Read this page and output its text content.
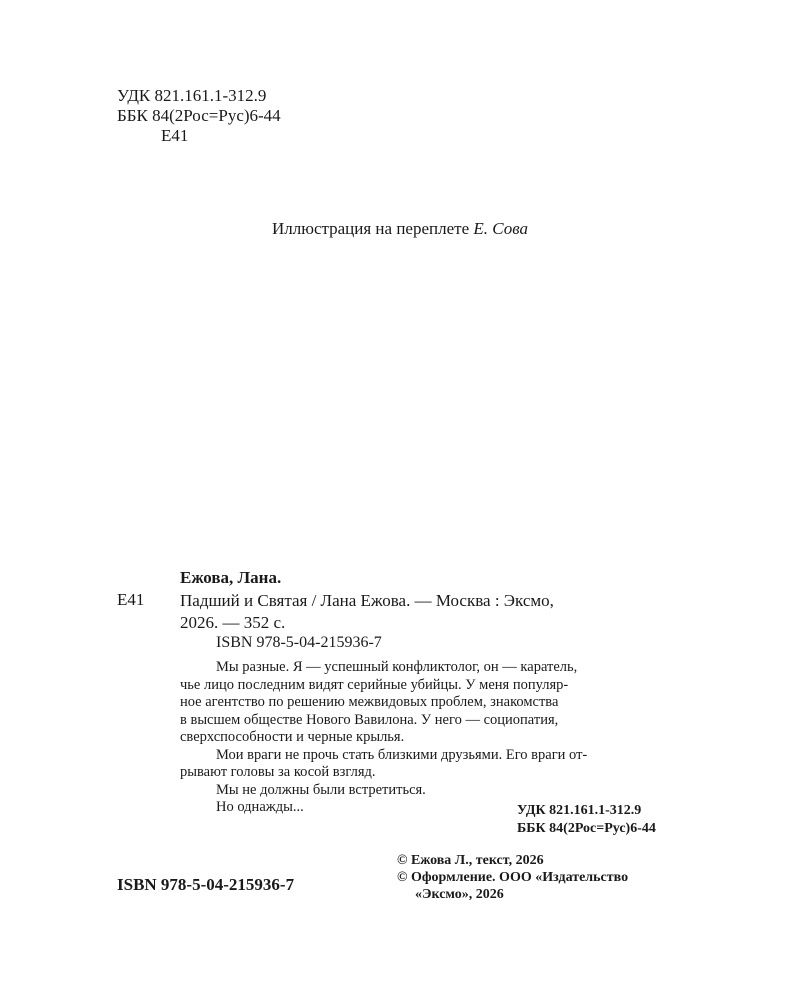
УДК 821.161.1-312.9
ББК 84(2Рос=Рус)6-44
Е41
Иллюстрация на переплете Е. Сова
Ежова, Лана.
Е41 Падший и Святая / Лана Ежова. — Москва : Эксмо,
2026. — 352 с.
ISBN 978-5-04-215936-7
Мы разные. Я — успешный конфликтолог, он — каратель,
чье лицо последним видят серийные убийцы. У меня популяр-
ное агентство по решению межвидовых проблем, знакомства
в высшем обществе Нового Вавилона. У него — социопатия,
сверхспособности и черные крылья.
Мои враги не прочь стать близкими друзьями. Его враги от-
рывают головы за косой взгляд.
Мы не должны были встретиться.
Но однажды...	УДК 821.161.1-312.9
ББК 84(2Рос=Рус)6-44
© Ежова Л., текст, 2026
© Оформление. ООО «Издательство
«Эксмо», 2026
ISBN 978-5-04-215936-7
